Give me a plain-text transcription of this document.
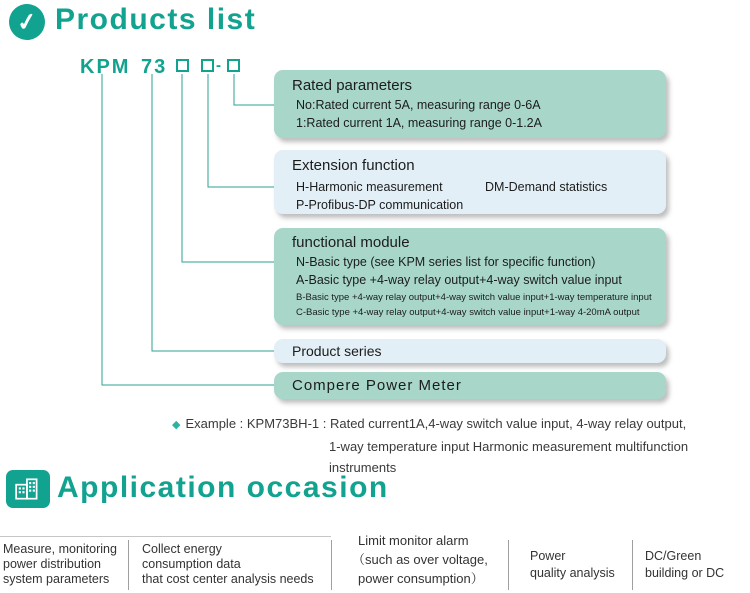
✓ Products list
KPM 73	-
Rated parameters
No:Rated current 5A, measuring range 0-6A
1:Rated current 1A, measuring range 0-1.2A
Extension function
H-Harmonic measurement	DM-Demand statistics
P-Profibus-DP communication
functional module
N-Basic type (see KPM series list for specific function)
A-Basic type +4-way relay output+4-way switch value input
B-Basic type +4-way relay output+4-way switch value input+1-way temperature input
C-Basic type +4-way relay output+4-way switch value input+1-way 4-20mA output
Product series
Compere Power Meter
◆ Example : KPM73BH-1 : Rated current1A,4-way switch value input, 4-way relay output,
1-way temperature input Harmonic measurement multifunction instruments
Application occasion
Measure, monitoring
power distribution
system parameters
Collect energy
consumption data
that cost center analysis needs
Limit monitor alarm
（such as over voltage,
power consumption）
Power
quality analysis
DC/Green
building or DC
